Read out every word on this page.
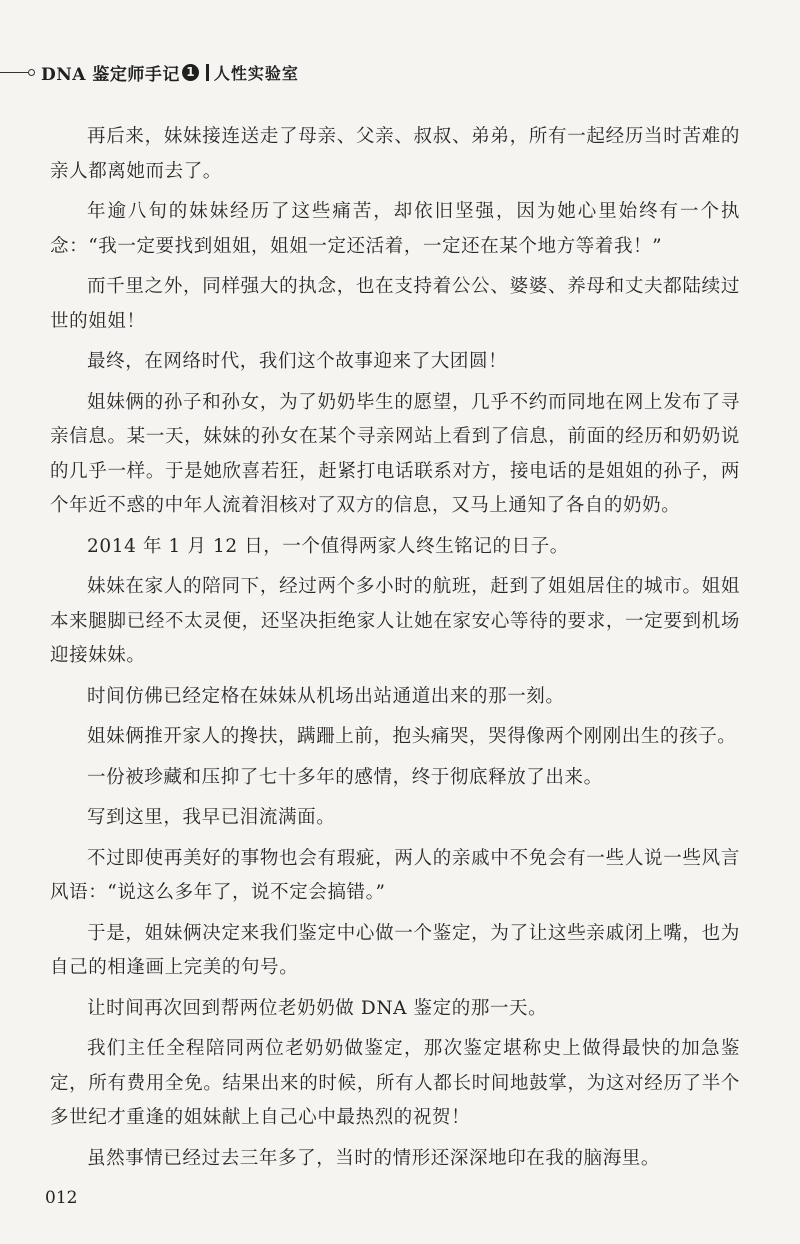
DNA 鉴定师手记 1 人性实验室

再后来，妹妹接连送走了母亲、父亲、叔叔、弟弟，所有一起经历当时苦难的亲人都离她而去了。

年逾八旬的妹妹经历了这些痛苦，却依旧坚强，因为她心里始终有一个执念：“我一定要找到姐姐，姐姐一定还活着，一定还在某个地方等着我！”

而千里之外，同样强大的执念，也在支持着公公、婆婆、养母和丈夫都陆续过世的姐姐！

最终，在网络时代，我们这个故事迎来了大团圆！

姐妹俩的孙子和孙女，为了奶奶毕生的愿望，几乎不约而同地在网上发布了寻亲信息。某一天，妹妹的孙女在某个寻亲网站上看到了信息，前面的经历和奶奶说的几乎一样。于是她欣喜若狂，赶紧打电话联系对方，接电话的是姐姐的孙子，两个年近不惑的中年人流着泪核对了双方的信息，又马上通知了各自的奶奶。

2014 年 1 月 12 日，一个值得两家人终生铭记的日子。

妹妹在家人的陪同下，经过两个多小时的航班，赶到了姐姐居住的城市。姐姐本来腿脚已经不太灵便，还坚决拒绝家人让她在家安心等待的要求，一定要到机场迎接妹妹。

时间仿佛已经定格在妹妹从机场出站通道出来的那一刻。

姐妹俩推开家人的搀扶，蹒跚上前，抱头痛哭，哭得像两个刚刚出生的孩子。

一份被珍藏和压抑了七十多年的感情，终于彻底释放了出来。

写到这里，我早已泪流满面。

不过即使再美好的事物也会有瑕疵，两人的亲戚中不免会有一些人说一些风言风语：“说这么多年了，说不定会搞错。”

于是，姐妹俩决定来我们鉴定中心做一个鉴定，为了让这些亲戚闭上嘴，也为自己的相逢画上完美的句号。

让时间再次回到帮两位老奶奶做 DNA 鉴定的那一天。

我们主任全程陪同两位老奶奶做鉴定，那次鉴定堪称史上做得最快的加急鉴定，所有费用全免。结果出来的时候，所有人都长时间地鼓掌，为这对经历了半个多世纪才重逢的姐妹献上自己心中最热烈的祝贺！

虽然事情已经过去三年多了，当时的情形还深深地印在我的脑海里。

012
